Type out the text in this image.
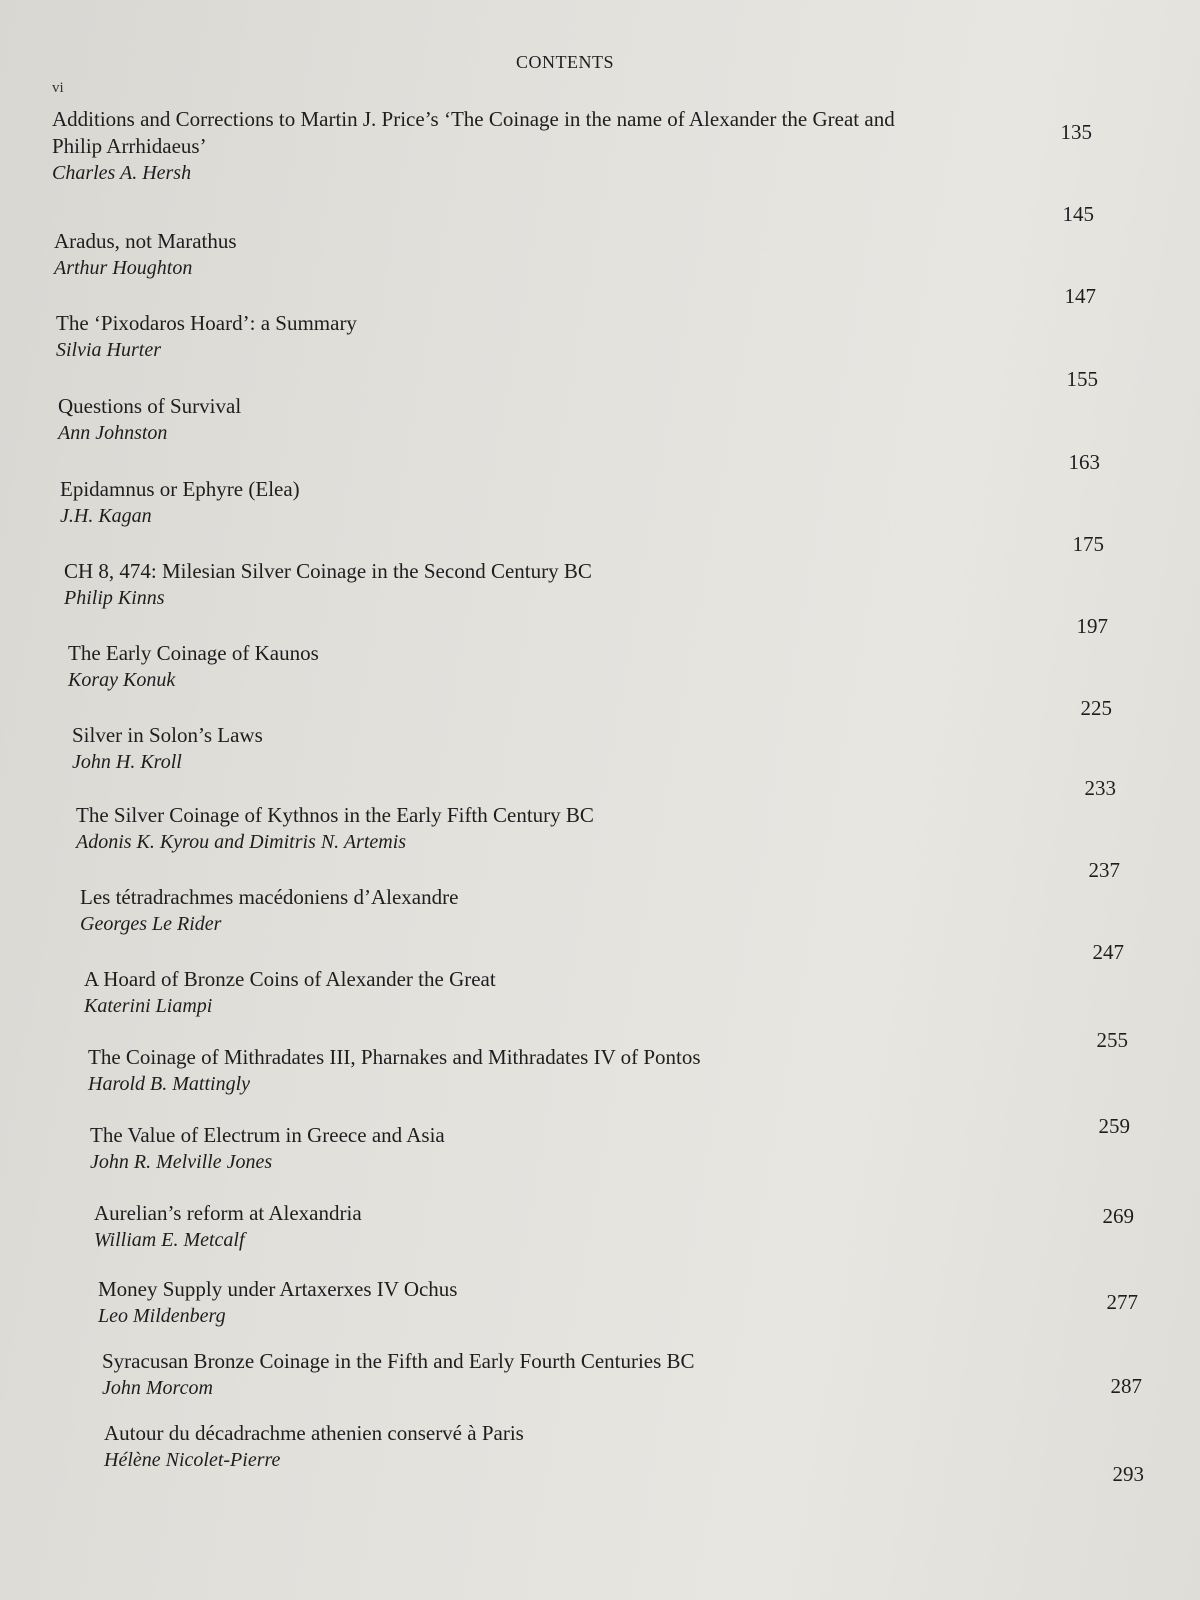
CONTENTS
vi
Additions and Corrections to Martin J. Price’s ‘The Coinage in the name of Alexander the Great and Philip Arrhidaeus’
Charles A. Hersh
135
Aradus, not Marathus
Arthur Houghton
145
The ‘Pixodaros Hoard’: a Summary
Silvia Hurter
147
Questions of Survival
Ann Johnston
155
Epidamnus or Ephyre (Elea)
J.H. Kagan
163
CH 8, 474: Milesian Silver Coinage in the Second Century BC
Philip Kinns
175
The Early Coinage of Kaunos
Koray Konuk
197
Silver in Solon’s Laws
John H. Kroll
225
The Silver Coinage of Kythnos in the Early Fifth Century BC
Adonis K. Kyrou and Dimitris N. Artemis
233
Les tétradrachmes macédoniens d’Alexandre
Georges Le Rider
237
A Hoard of Bronze Coins of Alexander the Great
Katerini Liampi
247
The Coinage of Mithradates III, Pharnakes and Mithradates IV of Pontos
Harold B. Mattingly
255
The Value of Electrum in Greece and Asia
John R. Melville Jones
259
Aurelian’s reform at Alexandria
William E. Metcalf
269
Money Supply under Artaxerxes IV Ochus
Leo Mildenberg
277
Syracusan Bronze Coinage in the Fifth and Early Fourth Centuries BC
John Morcom	287
Autour du décadrachme athenien conservé à Paris
Hélène Nicolet-Pierre
293
